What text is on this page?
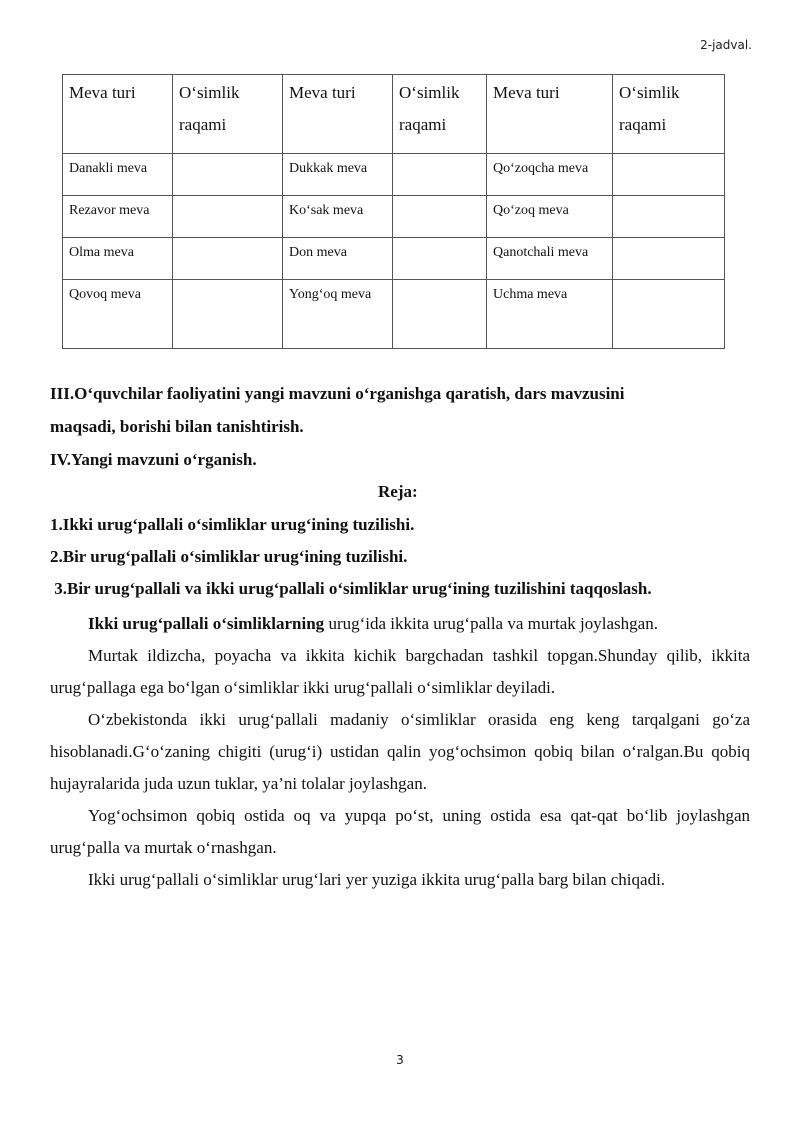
2-jadval.
Meva turi	O‘simlik raqami	Meva turi	O‘simlik raqami	Meva turi	O‘simlik raqami
Danakli meva		Dukkak meva		Qo‘zoqcha meva	
Rezavor meva		Ko‘sak meva		Qo‘zoq meva	
Olma meva		Don meva		Qanotchali meva	
Qovoq meva		Yong‘oq meva		Uchma meva	
III.O‘quvchilar faoliyatini yangi mavzuni o‘rganishga qaratish, dars mavzusini
maqsadi, borishi bilan tanishtirish.
IV.Yangi mavzuni o‘rganish.
Reja:
1.Ikki urug‘pallali o‘simliklar urug‘ining tuzilishi.
2.Bir urug‘pallali o‘simliklar urug‘ining tuzilishi.
3.Bir urug‘pallali va ikki urug‘pallali o‘simliklar urug‘ining tuzilishini taqqoslash.

Ikki urug‘pallali o‘simliklarning urug‘ida ikkita urug‘palla va murtak joylashgan.

Murtak ildizcha, poyacha va ikkita kichik bargchadan tashkil topgan.Shunday qilib, ikkita urug‘pallaga ega bo‘lgan o‘simliklar ikki urug‘pallali o‘simliklar deyiladi.

O‘zbekistonda ikki urug‘pallali madaniy o‘simliklar orasida eng keng tarqalgani go‘za hisoblanadi.G‘o‘zaning chigiti (urug‘i) ustidan qalin yog‘ochsimon qobiq bilan o‘ralgan.Bu qobiq hujayralarida juda uzun tuklar, ya’ni tolalar joylashgan.

Yog‘ochsimon qobiq ostida oq va yupqa po‘st, uning ostida esa qat-qat bo‘lib joylashgan urug‘palla va murtak o‘rnashgan.

Ikki urug‘pallali o‘simliklar urug‘lari yer yuziga ikkita urug‘palla barg bilan chiqadi.

3
